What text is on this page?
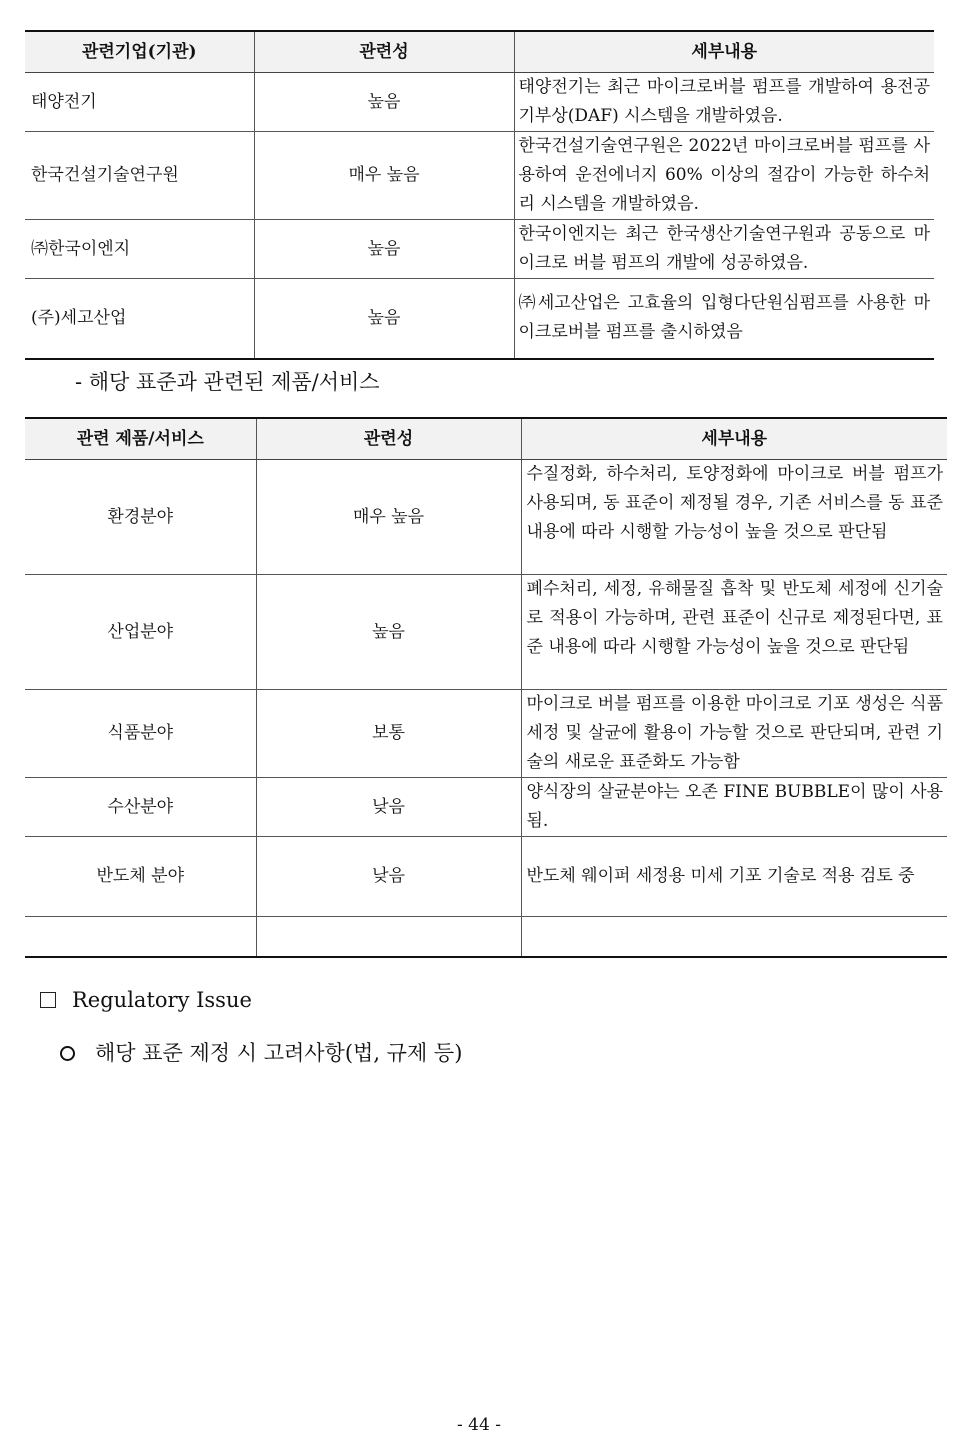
관련기업(기관)	관련성	세부내용
태양전기	높음	태양전기는 최근 마이크로버블 펌프를 개발하여 용전공기부상(DAF) 시스템을 개발하였음.
한국건설기술연구원	매우 높음	한국건설기술연구원은 2022년 마이크로버블 펌프를 사용하여 운전에너지 60% 이상의 절감이 가능한 하수처리 시스템을 개발하였음.
㈜한국이엔지	높음	한국이엔지는 최근 한국생산기술연구원과 공동으로 마이크로 버블 펌프의 개발에 성공하였음.
(주)세고산업	높음	㈜세고산업은 고효율의 입형다단원심펌프를 사용한 마이크로버블 펌프를 출시하였음
- 해당 표준과 관련된 제품/서비스
관련 제품/서비스	관련성	세부내용
환경분야	매우 높음	수질정화, 하수처리, 토양정화에 마이크로 버블 펌프가 사용되며, 동 표준이 제정될 경우, 기존 서비스를 동 표준 내용에 따라 시행할 가능성이 높을 것으로 판단됨
산업분야	높음	폐수처리, 세정, 유해물질 흡착 및 반도체 세정에 신기술로 적용이 가능하며, 관련 표준이 신규로 제정된다면, 표준 내용에 따라 시행할 가능성이 높을 것으로 판단됨
식품분야	보통	마이크로 버블 펌프를 이용한 마이크로 기포 생성은 식품 세정 및 살균에 활용이 가능할 것으로 판단되며, 관련 기술의 새로운 표준화도 가능함
수산분야	낮음	양식장의 살균분야는 오존 FINE BUBBLE이 많이 사용됨.
반도체 분야	낮음	반도체 웨이퍼 세정용 미세 기포 기술로 적용 검토 중

Regulatory Issue
해당 표준 제정 시 고려사항(법, 규제 등)
- 44 -
